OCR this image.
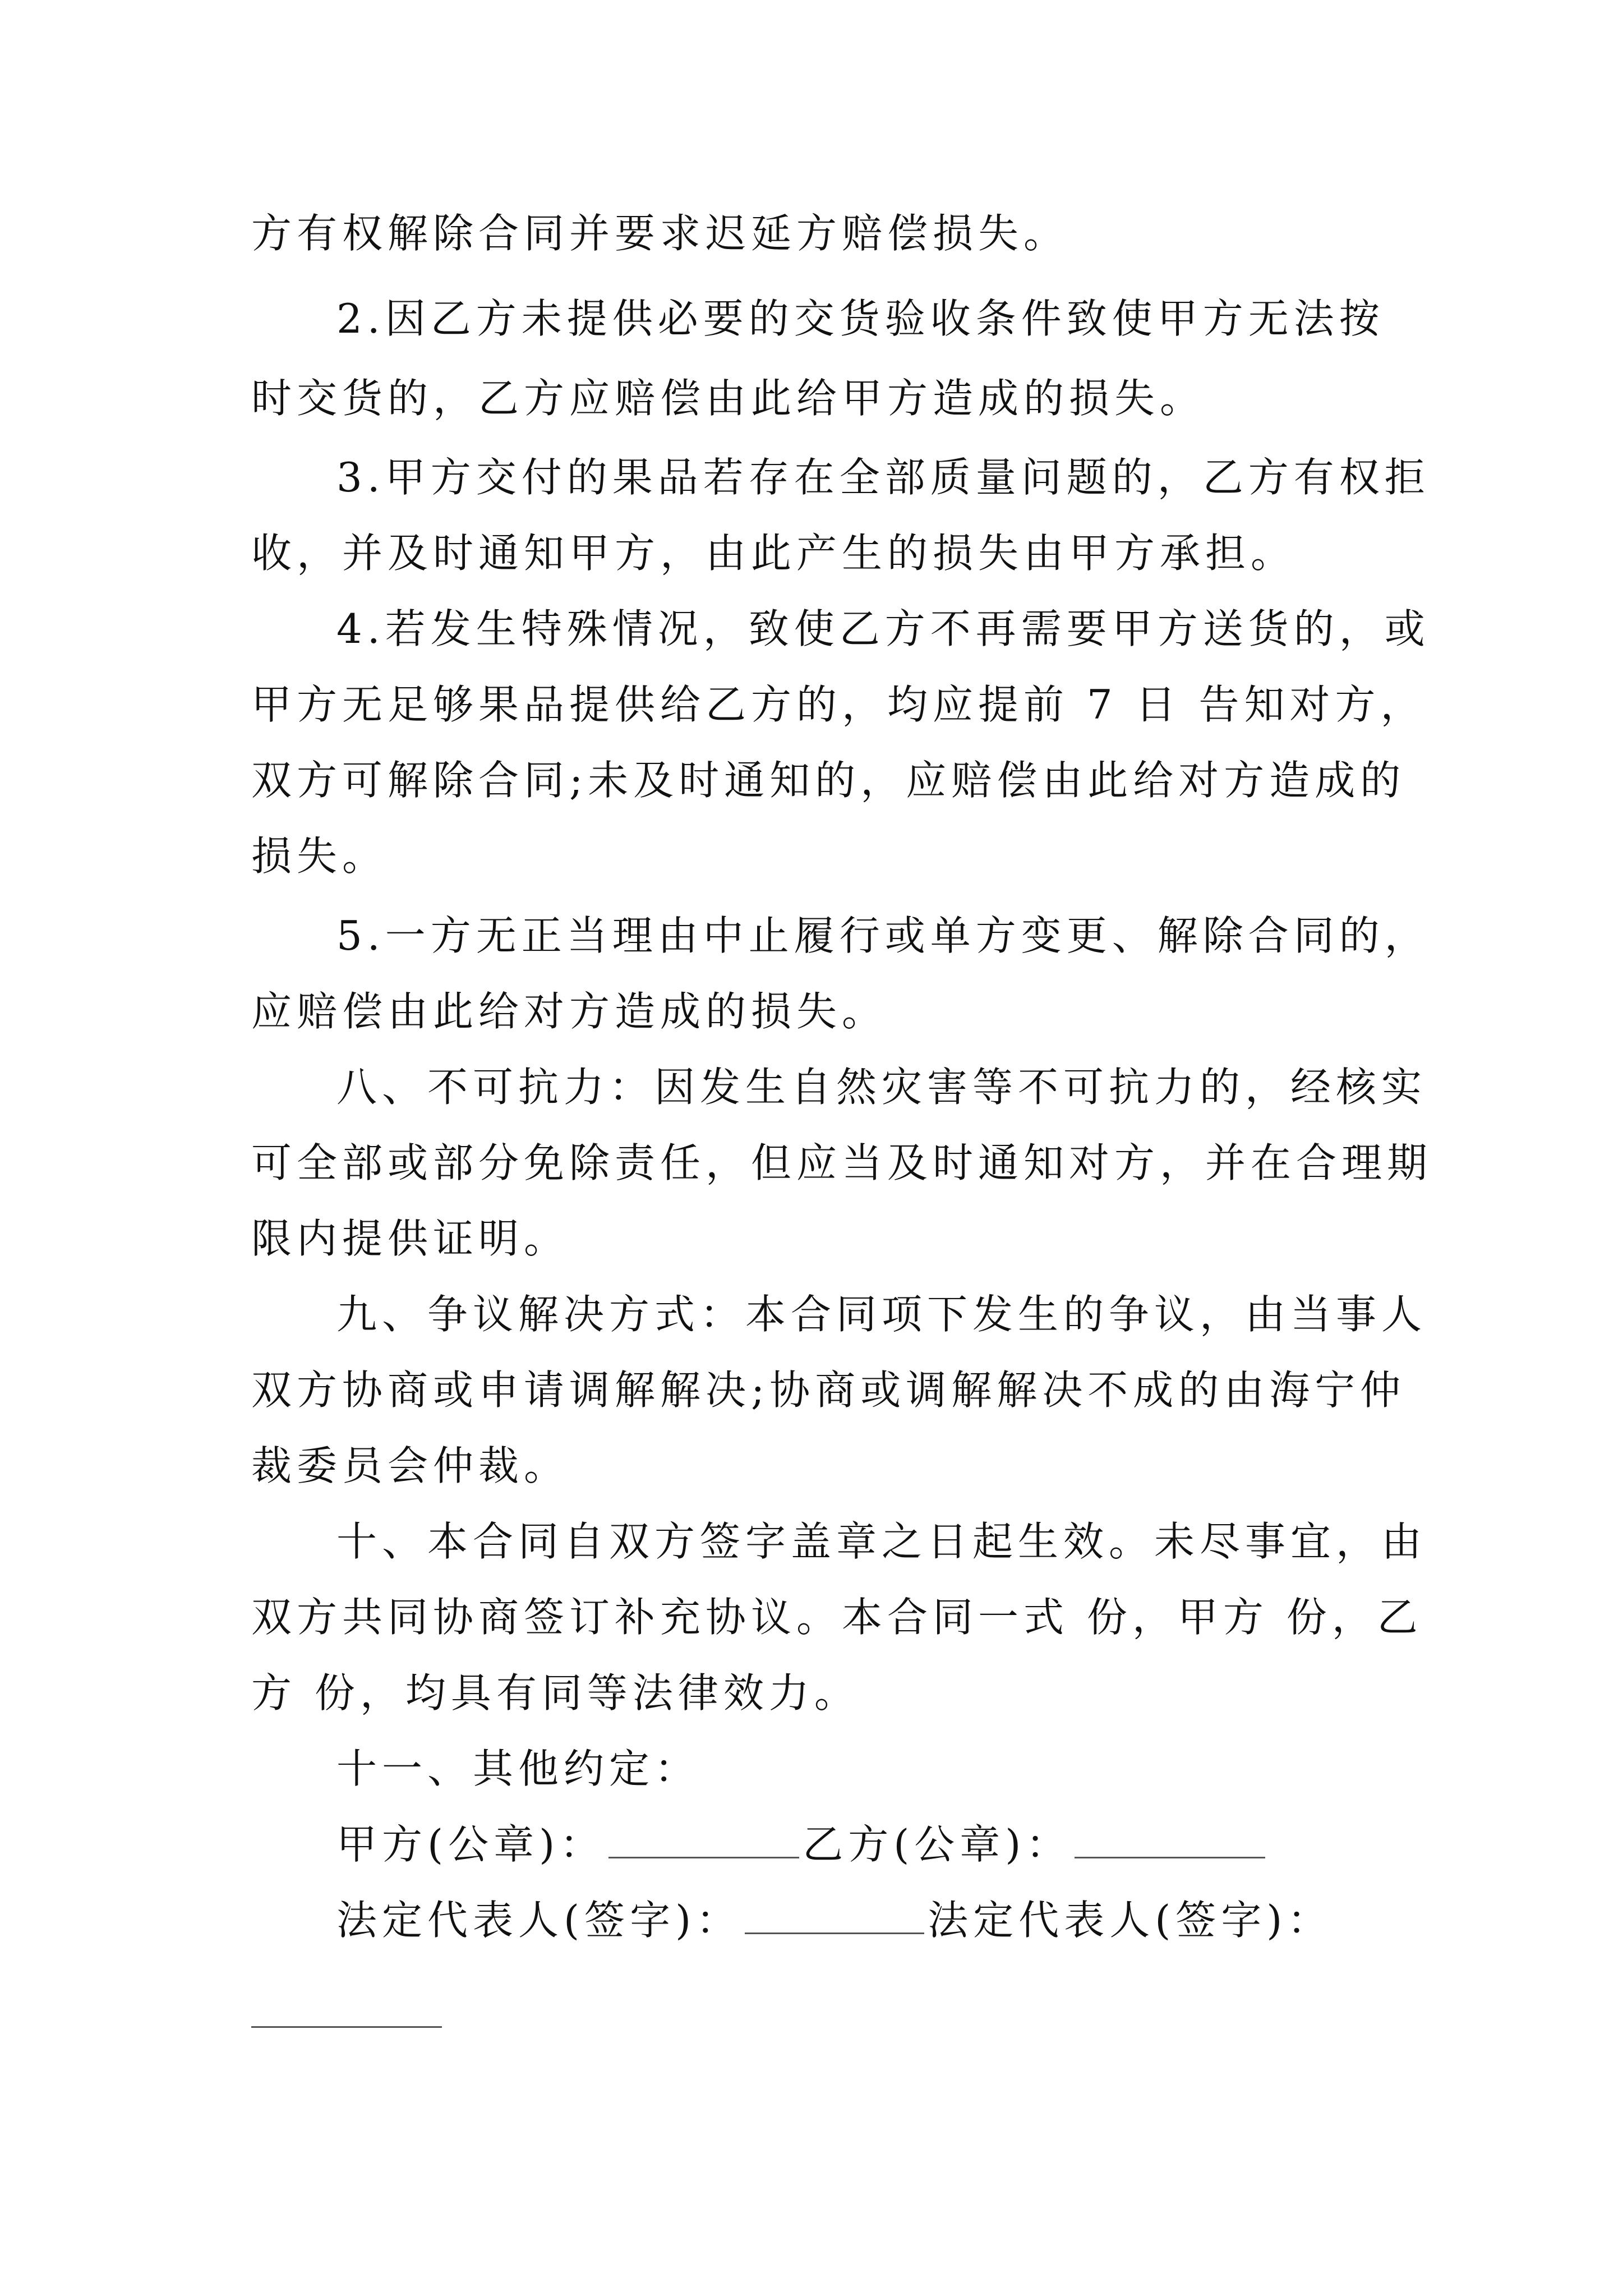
方有权解除合同并要求迟延方赔偿损失。

2.因乙方未提供必要的交货验收条件致使甲方无法按

时交货的，乙方应赔偿由此给甲方造成的损失。

3.甲方交付的果品若存在全部质量问题的，乙方有权拒

收，并及时通知甲方，由此产生的损失由甲方承担。

4.若发生特殊情况，致使乙方不再需要甲方送货的，或

甲方无足够果品提供给乙方的，均应提前 7 日 告知对方，

双方可解除合同;未及时通知的，应赔偿由此给对方造成的

损失。

5.一方无正当理由中止履行或单方变更、解除合同的，

应赔偿由此给对方造成的损失。

八、不可抗力：因发生自然灾害等不可抗力的，经核实

可全部或部分免除责任，但应当及时通知对方，并在合理期

限内提供证明。

九、争议解决方式：本合同项下发生的争议，由当事人

双方协商或申请调解解决;协商或调解解决不成的由海宁仲

裁委员会仲裁。

十、本合同自双方签字盖章之日起生效。未尽事宜，由

双方共同协商签订补充协议。本合同一式 份，甲方 份，乙

方 份，均具有同等法律效力。

十一、其他约定：

甲方(公章)：	乙方(公章)：
法定代表人(签字)：	法定代表人(签字)：
